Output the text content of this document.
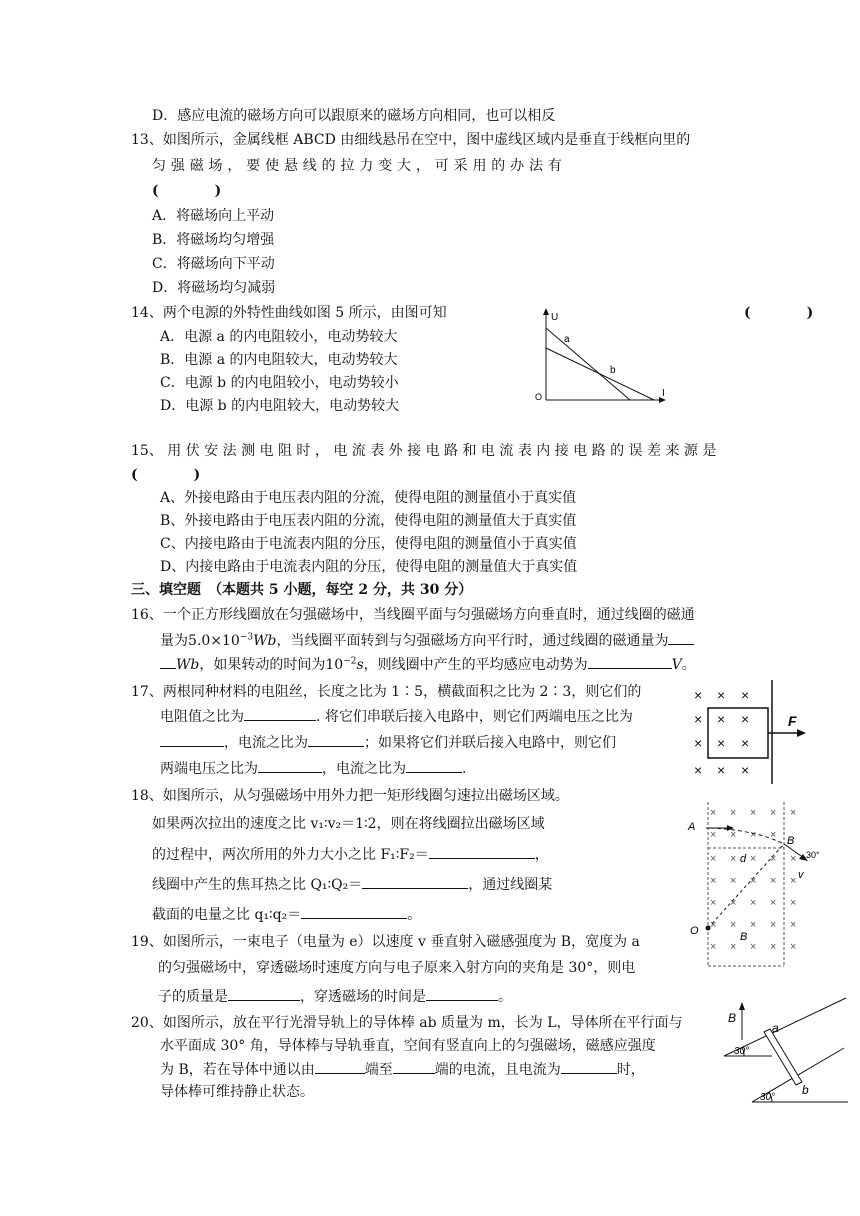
D．感应电流的磁场方向可以跟原来的磁场方向相同，也可以相反
13、如图所示，金属线框 ABCD 由细线悬吊在空中，图中虚线区域内是垂直于线框向里的
匀 强 磁 场 ， 要 使 悬 线 的 拉 力 变 大 ， 可 采 用 的 办 法 有
(　　　　)
A．将磁场向上平动
B．将磁场均匀增强
C．将磁场向下平动
D．将磁场均匀减弱
14、两个电源的外特性曲线如图 5 所示，由图可知	(　　　　)
A．电源 a 的内电阻较小，电动势较大
B．电源 a 的内电阻较大，电动势较大
C．电源 b 的内电阻较小，电动势较小
D．电源 b 的内电阻较大，电动势较大
U
I
O
a
b
15、 用 伏 安 法 测 电 阻 时 ， 电 流 表 外 接 电 路 和 电 流 表 内 接 电 路 的 误 差 来 源 是
(　　　　)
A、外接电路由于电压表内阻的分流，使得电阻的测量值小于真实值
B、外接电路由于电压表内阻的分流，使得电阻的测量值大于真实值
C、内接电路由于电流表内阻的分压，使得电阻的测量值小于真实值
D、内接电路由于电流表内阻的分压，使得电阻的测量值大于真实值
三、填空题　（本题共 5 小题，每空 2 分，共 30 分）
16、一个正方形线圈放在匀强磁场中，当线圈平面与匀强磁场方向垂直时，通过线圈的磁通
量为$5.0\times 10^{-3}Wb$，当线圈平面转到与匀强磁场方向平行时，通过线圈的磁通量为
Wb，如果转动的时间为$10^{-2}s$，则线圈中产生的平均感应电动势为	V。
17、两根同种材料的电阻丝，长度之比为 1∶5，横截面积之比为 2∶3，则它们的
电阻值之比为	. 将它们串联后接入电路中，则它们两端电压之比为
，电流之比为	；如果将它们并联后接入电路中，则它们
两端电压之比为	，电流之比为	.
× × ×
× × ×
× × ×
× × ×
F
18、如图所示，从匀强磁场中用外力把一矩形线圈匀速拉出磁场区域。
如果两次拉出的速度之比 v₁∶v₂＝1∶2，则在将线圈拉出磁场区域
的过程中，两次所用的外力大小之比 F₁∶F₂＝	，
线圈中产生的焦耳热之比 Q₁∶Q₂＝	，通过线圈某
截面的电量之比 q₁∶q₂＝	。
× × × × ×
× × × ×
× × × × ×
× × × × ×
× × × × ×
× × × × ×
× × × × ×
A
B
O
d
v
30°
B
19、如图所示，一束电子（电量为 e）以速度 v 垂直射入磁感强度为 B，宽度为 a
的匀强磁场中，穿透磁场时速度方向与电子原来入射方向的夹角是 30°，则电
子的质量是	，穿透磁场的时间是	。
20、如图所示，放在平行光滑导轨上的导体棒 ab 质量为 m，长为 L，导体所在平行面与
水平面成 30° 角，导体棒与导轨垂直，空间有竖直向上的匀强磁场，磁感应强度
为 B，若在导体中通以由	端至	端的电流，且电流为	时，
导体棒可维持静止状态。
B
a
b
30°
30°
